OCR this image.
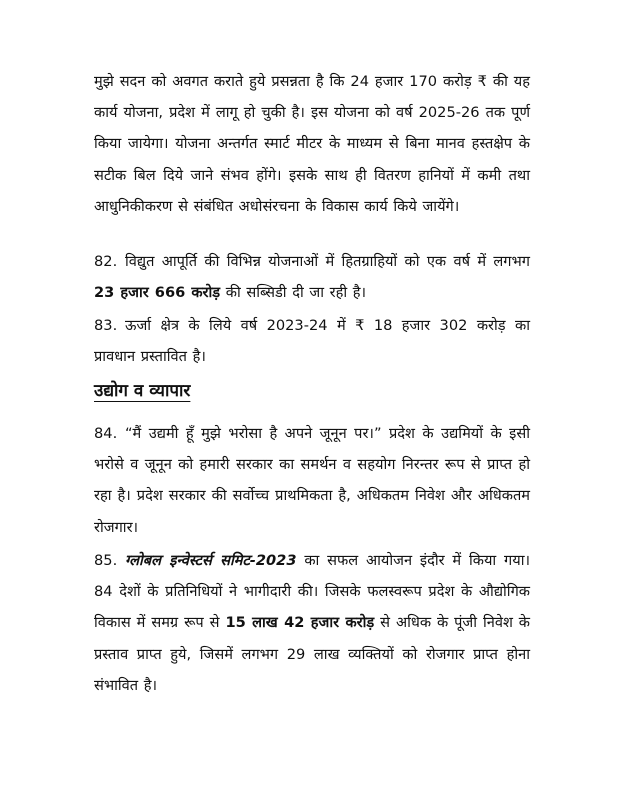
मुझे सदन को अवगत कराते हुये प्रसन्नता है कि 24 हजार 170 करोड़ ₹ की यह कार्य योजना, प्रदेश में लागू हो चुकी है। इस योजना को वर्ष 2025-26 तक पूर्ण किया जायेगा। योजना अन्तर्गत स्मार्ट मीटर के माध्यम से बिना मानव हस्तक्षेप के सटीक बिल दिये जाने संभव होंगे। इसके साथ ही वितरण हानियों में कमी तथा आधुनिकीकरण से संबंधित अधोसंरचना के विकास कार्य किये जायेंगे।

82. विद्युत आपूर्ति की विभिन्न योजनाओं में हितग्राहियों को एक वर्ष में लगभग 23 हजार 666 करोड़ की सब्सिडी दी जा रही है।

83. ऊर्जा क्षेत्र के लिये वर्ष 2023-24 में ₹ 18 हजार 302 करोड़ का प्रावधान प्रस्तावित है।

उद्योग व व्यापार

84. “मैं उद्यमी हूँ मुझे भरोसा है अपने जूनून पर।” प्रदेश के उद्यमियों के इसी भरोसे व जूनून को हमारी सरकार का समर्थन व सहयोग निरन्तर रूप से प्राप्त हो रहा है। प्रदेश सरकार की सर्वोच्च प्राथमिकता है, अधिकतम निवेश और अधिकतम रोजगार।

85. ग्लोबल इन्वेस्टर्स समिट-2023 का सफल आयोजन इंदौर में किया गया। 84 देशों के प्रतिनिधियों ने भागीदारी की। जिसके फलस्वरूप प्रदेश के औद्योगिक विकास में समग्र रूप से 15 लाख 42 हजार करोड़ से अधिक के पूंजी निवेश के प्रस्ताव प्राप्त हुये, जिसमें लगभग 29 लाख व्यक्तियों को रोजगार प्राप्त होना संभावित है।
